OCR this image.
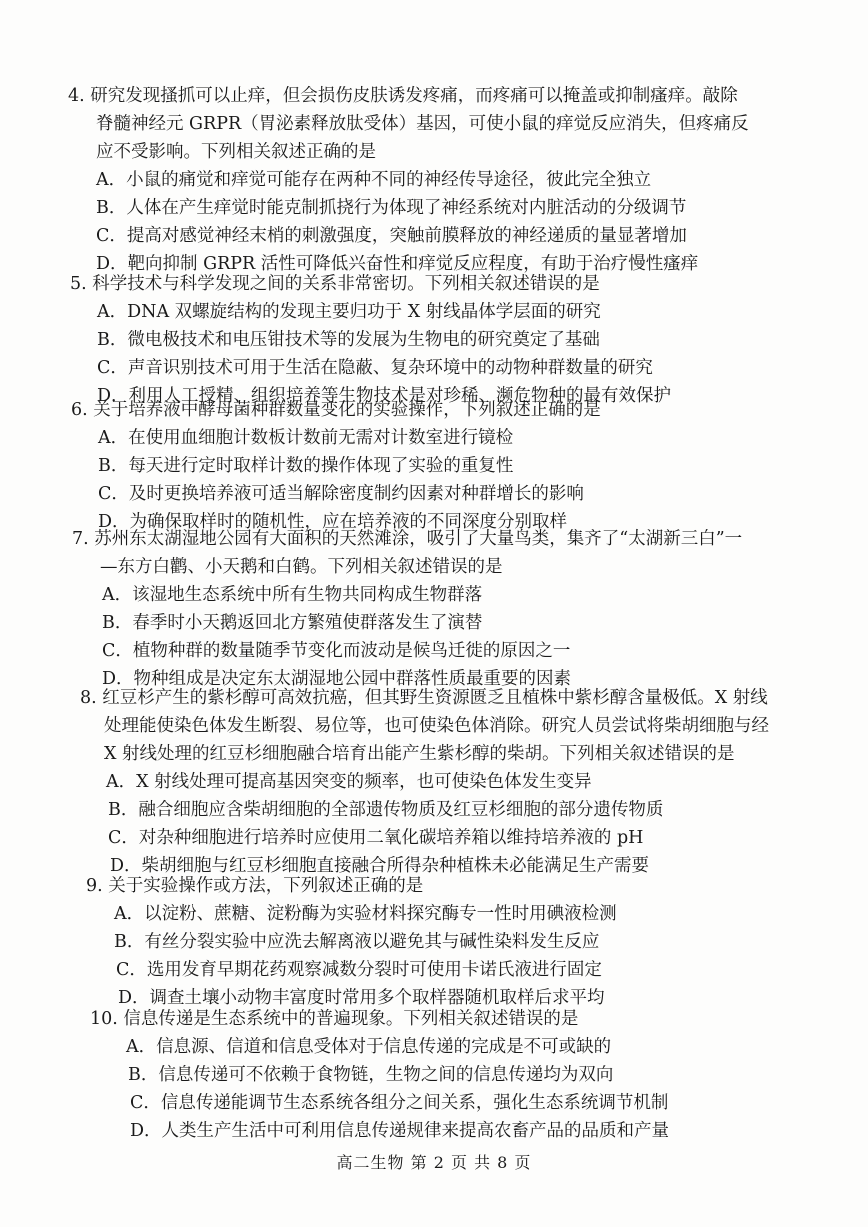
4. 研究发现搔抓可以止痒，但会损伤皮肤诱发疼痛，而疼痛可以掩盖或抑制瘙痒。敲除
脊髓神经元 GRPR（胃泌素释放肽受体）基因，可使小鼠的痒觉反应消失，但疼痛反
应不受影响。下列相关叙述正确的是
A．小鼠的痛觉和痒觉可能存在两种不同的神经传导途径，彼此完全独立
B．人体在产生痒觉时能克制抓挠行为体现了神经系统对内脏活动的分级调节
C．提高对感觉神经末梢的刺激强度，突触前膜释放的神经递质的量显著增加
D．靶向抑制 GRPR 活性可降低兴奋性和痒觉反应程度，有助于治疗慢性瘙痒
5. 科学技术与科学发现之间的关系非常密切。下列相关叙述错误的是
A．DNA 双螺旋结构的发现主要归功于 X 射线晶体学层面的研究
B．微电极技术和电压钳技术等的发展为生物电的研究奠定了基础
C．声音识别技术可用于生活在隐蔽、复杂环境中的动物种群数量的研究
D．利用人工授精、组织培养等生物技术是对珍稀、濒危物种的最有效保护
6. 关于培养液中酵母菌种群数量变化的实验操作，下列叙述正确的是
A．在使用血细胞计数板计数前无需对计数室进行镜检
B．每天进行定时取样计数的操作体现了实验的重复性
C．及时更换培养液可适当解除密度制约因素对种群增长的影响
D．为确保取样时的随机性，应在培养液的不同深度分别取样
7. 苏州东太湖湿地公园有大面积的天然滩涂，吸引了大量鸟类，集齐了“太湖新三白”一
—东方白鹳、小天鹅和白鹤。下列相关叙述错误的是
A．该湿地生态系统中所有生物共同构成生物群落
B．春季时小天鹅返回北方繁殖使群落发生了演替
C．植物种群的数量随季节变化而波动是候鸟迁徙的原因之一
D．物种组成是决定东太湖湿地公园中群落性质最重要的因素
8. 红豆杉产生的紫杉醇可高效抗癌，但其野生资源匮乏且植株中紫杉醇含量极低。X 射线
处理能使染色体发生断裂、易位等，也可使染色体消除。研究人员尝试将柴胡细胞与经
X 射线处理的红豆杉细胞融合培育出能产生紫杉醇的柴胡。下列相关叙述错误的是
A．X 射线处理可提高基因突变的频率，也可使染色体发生变异
B．融合细胞应含柴胡细胞的全部遗传物质及红豆杉细胞的部分遗传物质
C．对杂种细胞进行培养时应使用二氧化碳培养箱以维持培养液的 pH
D．柴胡细胞与红豆杉细胞直接融合所得杂种植株未必能满足生产需要
9. 关于实验操作或方法，下列叙述正确的是
A．以淀粉、蔗糖、淀粉酶为实验材料探究酶专一性时用碘液检测
B．有丝分裂实验中应洗去解离液以避免其与碱性染料发生反应
C．选用发育早期花药观察减数分裂时可使用卡诺氏液进行固定
D．调查土壤小动物丰富度时常用多个取样器随机取样后求平均
10. 信息传递是生态系统中的普遍现象。下列相关叙述错误的是
A．信息源、信道和信息受体对于信息传递的完成是不可或缺的
B．信息传递可不依赖于食物链，生物之间的信息传递均为双向
C．信息传递能调节生态系统各组分之间关系，强化生态系统调节机制
D．人类生产生活中可利用信息传递规律来提高农畜产品的品质和产量
高二生物 第 2 页 共 8 页
